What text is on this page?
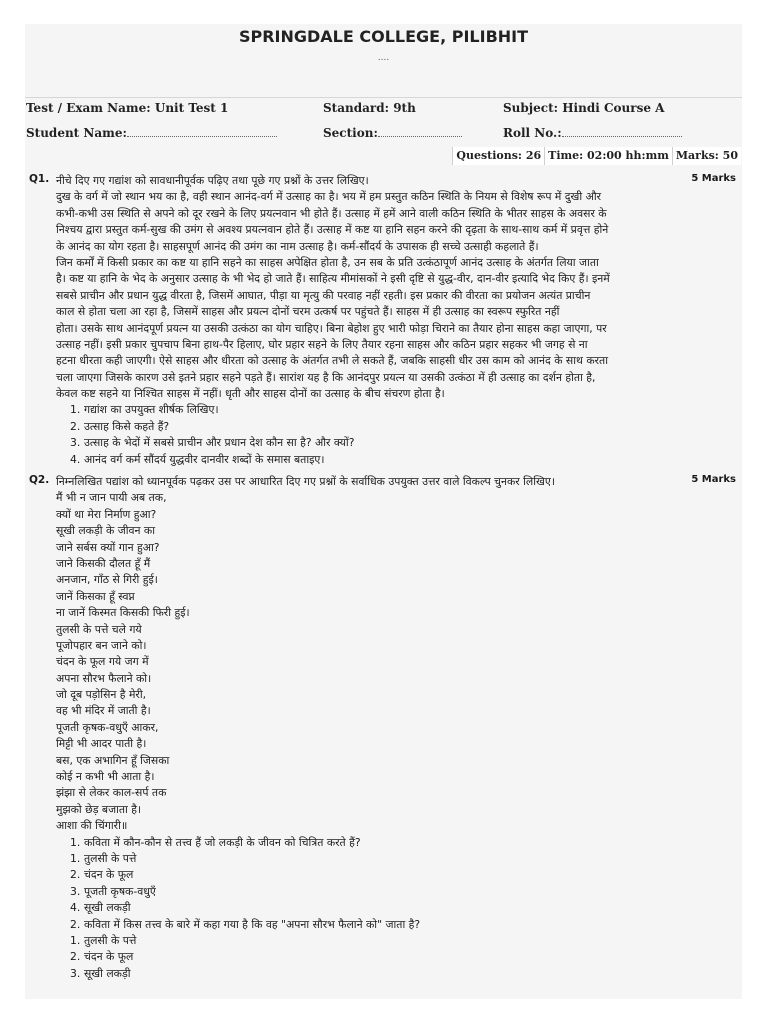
SPRINGDALE COLLEGE, PILIBHIT
....
Test / Exam Name: Unit Test 1	Standard: 9th	Subject: Hindi Course A
Student Name:	Section:	Roll No.:
Questions: 26 Time: 02:00 hh:mm Marks: 50
Q1.	5 Marks
नीचे दिए गए गद्यांश को सावधानीपूर्वक पढ़िए तथा पूछे गए प्रश्नों के उत्तर लिखिए।
दुख के वर्ग में जो स्थान भय का है, वही स्थान आनंद-वर्ग में उत्साह का है। भय में हम प्रस्तुत कठिन स्थिति के नियम से विशेष रूप में दुखी और
कभी-कभी उस स्थिति से अपने को दूर रखने के लिए प्रयत्नवान भी होते हैं। उत्साह में हमें आने वाली कठिन स्थिति के भीतर साहस के अवसर के
निश्चय द्वारा प्रस्तुत कर्म-सुख की उमंग से अवश्य प्रयत्नवान होते हैं। उत्साह में कष्ट या हानि सहन करने की दृढ़ता के साथ-साथ कर्म में प्रवृत्त होने
के आनंद का योग रहता है। साहसपूर्ण आनंद की उमंग का नाम उत्साह है। कर्म-सौंदर्य के उपासक ही सच्चे उत्साही कहलाते हैं।
जिन कर्मों में किसी प्रकार का कष्ट या हानि सहने का साहस अपेक्षित होता है, उन सब के प्रति उत्कंठापूर्ण आनंद उत्साह के अंतर्गत लिया जाता
है। कष्ट या हानि के भेद के अनुसार उत्साह के भी भेद हो जाते हैं। साहित्य मीमांसकों ने इसी दृष्टि से युद्ध-वीर, दान-वीर इत्यादि भेद किए हैं। इनमें
सबसे प्राचीन और प्रधान युद्ध वीरता है, जिसमें आघात, पीड़ा या मृत्यु की परवाह नहीं रहती। इस प्रकार की वीरता का प्रयोजन अत्यंत प्राचीन
काल से होता चला आ रहा है, जिसमें साहस और प्रयत्न दोनों चरम उत्कर्ष पर पहुंचते हैं। साहस में ही उत्साह का स्वरूप स्फुरित नहीं
होता। उसके साथ आनंदपूर्ण प्रयत्न या उसकी उत्कंठा का योग चाहिए। बिना बेहोश हुए भारी फोड़ा चिराने का तैयार होना साहस कहा जाएगा, पर
उत्साह नहीं। इसी प्रकार चुपचाप बिना हाथ-पैर हिलाए, घोर प्रहार सहने के लिए तैयार रहना साहस और कठिन प्रहार सहकर भी जगह से ना
हटना धीरता कही जाएगी। ऐसे साहस और धीरता को उत्साह के अंतर्गत तभी ले सकते हैं, जबकि साहसी धीर उस काम को आनंद के साथ करता
चला जाएगा जिसके कारण उसे इतने प्रहार सहने पड़ते हैं। सारांश यह है कि आनंदपुर प्रयत्न या उसकी उत्कंठा में ही उत्साह का दर्शन होता है,
केवल कष्ट सहने या निश्चित साहस में नहीं। धृती और साहस दोनों का उत्साह के बीच संचरण होता है।
1. गद्यांश का उपयुक्त शीर्षक लिखिए।
2. उत्साह किसे कहते हैं?
3. उत्साह के भेदों में सबसे प्राचीन और प्रधान देश कौन सा है? और क्यों?
4. आनंद वर्ग कर्म सौंदर्य युद्धवीर दानवीर शब्दों के समास बताइए।
Q2.	5 Marks
निम्नलिखित पद्यांश को ध्यानपूर्वक पढ़कर उस पर आधारित दिए गए प्रश्नों के सर्वाधिक उपयुक्त उत्तर वाले विकल्प चुनकर लिखिए।
मैं भी न जान पायी अब तक,
क्यों था मेरा निर्माण हुआ?
सूखी लकड़ी के जीवन का
जाने सर्बस क्यों गान हुआ?
जाने किसकी दौलत हूँ मैं
अनजान, गाँठ से गिरी हुई।
जानें किसका हूँ स्वप्न
ना जानें किस्मत किसकी फिरी हुई।
तुलसी के पत्ते चले गये
पूजोपहार बन जाने को।
चंदन के फूल गये जग में
अपना सौरभ फैलाने को।
जो दूब पड़ोसिन है मेरी,
वह भी मंदिर में जाती है।
पूजती कृषक-वधुएँ आकर,
मिट्टी भी आदर पाती है।
बस, एक अभागिन हूँ जिसका
कोई न कभी भी आता है।
झंझा से लेकर काल-सर्प तक
मुझको छेड़ बजाता है।
आशा की चिंगारी॥
1. कविता में कौन-कौन से तत्त्व हैं जो लकड़ी के जीवन को चित्रित करते हैं?
1. तुलसी के पत्ते
2. चंदन के फूल
3. पूजती कृषक-वधुएँ
4. सूखी लकड़ी
2. कविता में किस तत्त्व के बारे में कहा गया है कि वह "अपना सौरभ फैलाने को" जाता है?
1. तुलसी के पत्ते
2. चंदन के फूल
3. सूखी लकड़ी
